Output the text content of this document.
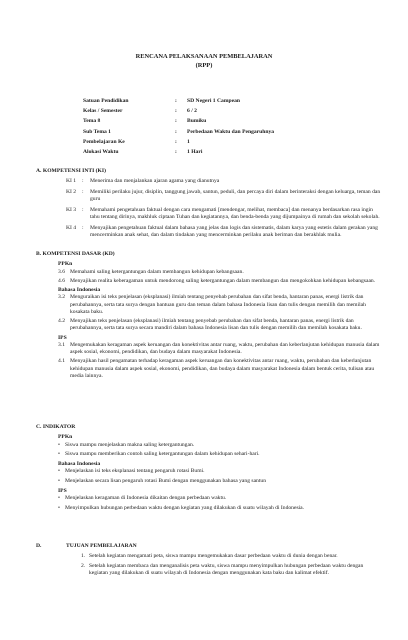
RENCANA PELAKSANAAN PEMBELAJARAN
(RPP)
Satuan Pendidikan	:	SD Negeri 1 Campean
Kelas / Semester	:	6 / 2
Tema 8	:	Bumiku
Sub Tema 1	:	Perbedaan Waktu dan Pengaruhnya
Pembelajaran Ke	:	1
Alokasi Waktu	:	1 Hari
A. KOMPETENSI INTI (KI)
KI 1	:	Menerima dan menjalankan ajaran agama yang dianutnya
KI 2	:	Memiliki perilaku jujur, disiplin, tanggung jawab, santun, peduli, dan percaya diri dalam berinteraksi dengan keluarga, teman dan guru
KI 3	:	Memahami pengetahuan faktual dengan cara mengamati [mendengar, melihat, membaca] dan menanya berdasarkan rasa ingin tahu tentang dirinya, makhluk ciptaan Tuhan dan kegiatannya, dan benda-benda yang dijumpainya di rumah dan sekolah sekolah.
KI 4	:	Menyajikan pengetahuan faktual dalam bahasa yang jelas dan logis dan sistematis, dalam karya yang estetis dalam gerakan yang mencerminkan anak sehat, dan dalam tindakan yang mencerminkan perilaku anak beriman dan berakhlak mulia.
B. KOMPETENSI DASAR (KD)
PPKn
3.6 Memahami saling ketergantungan dalam membangun kehidupan kebangsaan.
4.6 Menyajikan realita keberagaman untuk mendorong saling ketergantungan dalam membangun dan mengokohkan kehidupan kebangsaan.
Bahasa Indonesia
3.2 Menguraikan isi teks penjelasan (eksplanasi) ilmiah tentang penyebab perubahan dan sifat benda, hantaran panas, energi listrik dan perubahannya, serta tata surya dengan bantuan guru dan teman dalam bahasa Indonesia lisan dan tulis dengan memilih dan memilah kosakata baku.
4.2 Menyajikan teks penjelasan (eksplanasi) ilmiah tentang penyebab perubahan dan sifat benda, hantaran panas, energi listrik dan perubahannya, serta tata surya secara mandiri dalam bahasa Indonesia lisan dan tulis dengan memilih dan memilah kosakata baku.
IPS
3.1 Mengemukakan keragaman aspek keruangan dan konektivitas antar ruang, waktu, perubahan dan keberlanjutan kehidupan manusia dalam aspek sosial, ekonomi, pendidikan, dan budaya dalam masyarakat Indonesia.
4.1 Menyajikan hasil pengamatan terhadap keragaman aspek keruangan dan konektivitas antar ruang, waktu, perubahan dan keberlanjutan kehidupan manusia dalam aspek sosial, ekonomi, pendidikan, dan budaya dalam masyarakat Indonesia dalam bentuk cerita, tulisan atau media lainnya.
C. INDIKATOR
PPKn
• Siswa mampu menjelaskan makna saling ketergantungan.
• Siswa mampu memberikan contoh saling ketergantungan dalam kehidupan sehari-hari.
Bahasa Indonesia
• Menjelaskan isi teks eksplanasi tentang pengaruh rotasi Bumi.
• Menjelaskan secara lisan pengaruh rotasi Bumi dengan menggunakan bahasa yang santun
IPS
• Menjelaskan keragaman di Indonesia dikaitan dengan perbedaan waktu.
• Menyimpulkan hubungan perbedaan waktu dengan kegiatan yang dilakukan di suatu wilayah di Indonesia.
D.	TUJUAN PEMBELAJARAN
1. Setelah kegiatan mengamati peta, siswa mampu mengemukakan dasar perbedaan waktu di dunia dengan benar.
2. Setelah kegiatan membaca dan menganalisis peta waktu, siswa mampu menyimpulkan hubungan perbedaan waktu dengan kegiatan yang dilakukan di suatu wilayah di Indonesia dengan menggunakan kata baku dan kalimat efektif.
